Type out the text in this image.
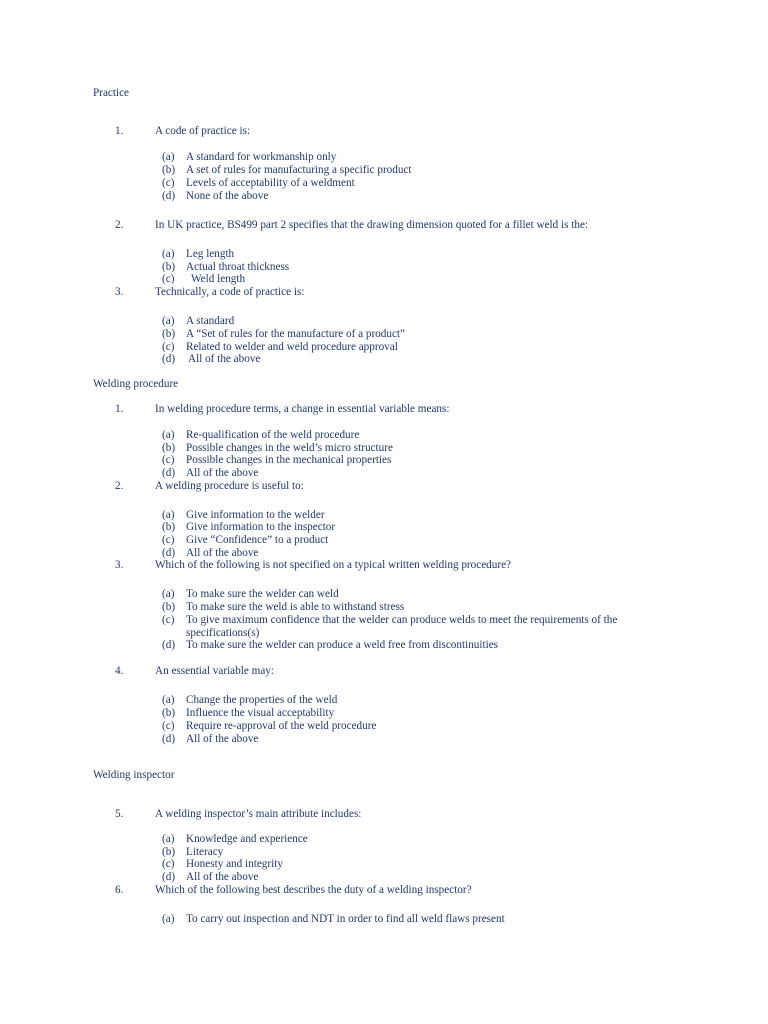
Practice
1.	A code of practice is:
(a) A standard for workmanship only
(b) A set of rules for manufacturing a specific product
(c) Levels of acceptability of a weldment
(d) None of the above
2.	In UK practice, BS499 part 2 specifies that the drawing dimension quoted for a fillet weld is the:
(a) Leg length
(b) Actual throat thickness
(c) Weld length
3.	Technically, a code of practice is:
(a) A standard
(b) A “Set of rules for the manufacture of a product”
(c) Related to welder and weld procedure approval
(d) All of the above
Welding procedure
1.	In welding procedure terms, a change in essential variable means:
(a) Re-qualification of the weld procedure
(b) Possible changes in the weld’s micro structure
(c) Possible changes in the mechanical properties
(d) All of the above
2.	A welding procedure is useful to:
(a) Give information to the welder
(b) Give information to the inspector
(c) Give “Confidence” to a product
(d) All of the above
3.	Which of the following is not specified on a typical written welding procedure?
(a) To make sure the welder can weld
(b) To make sure the weld is able to withstand stress
(c) To give maximum confidence that the welder can produce welds to meet the requirements of the specifications(s)
(d) To make sure the welder can produce a weld free from discontinuities
4.	An essential variable may:
(a) Change the properties of the weld
(b) Influence the visual acceptability
(c) Require re-approval of the weld procedure
(d) All of the above
Welding inspector
5.	A welding inspector’s main attribute includes:
(a) Knowledge and experience
(b) Literacy
(c) Honesty and integrity
(d) All of the above
6.	Which of the following best describes the duty of a welding inspector?
(a) To carry out inspection and NDT in order to find all weld flaws present
